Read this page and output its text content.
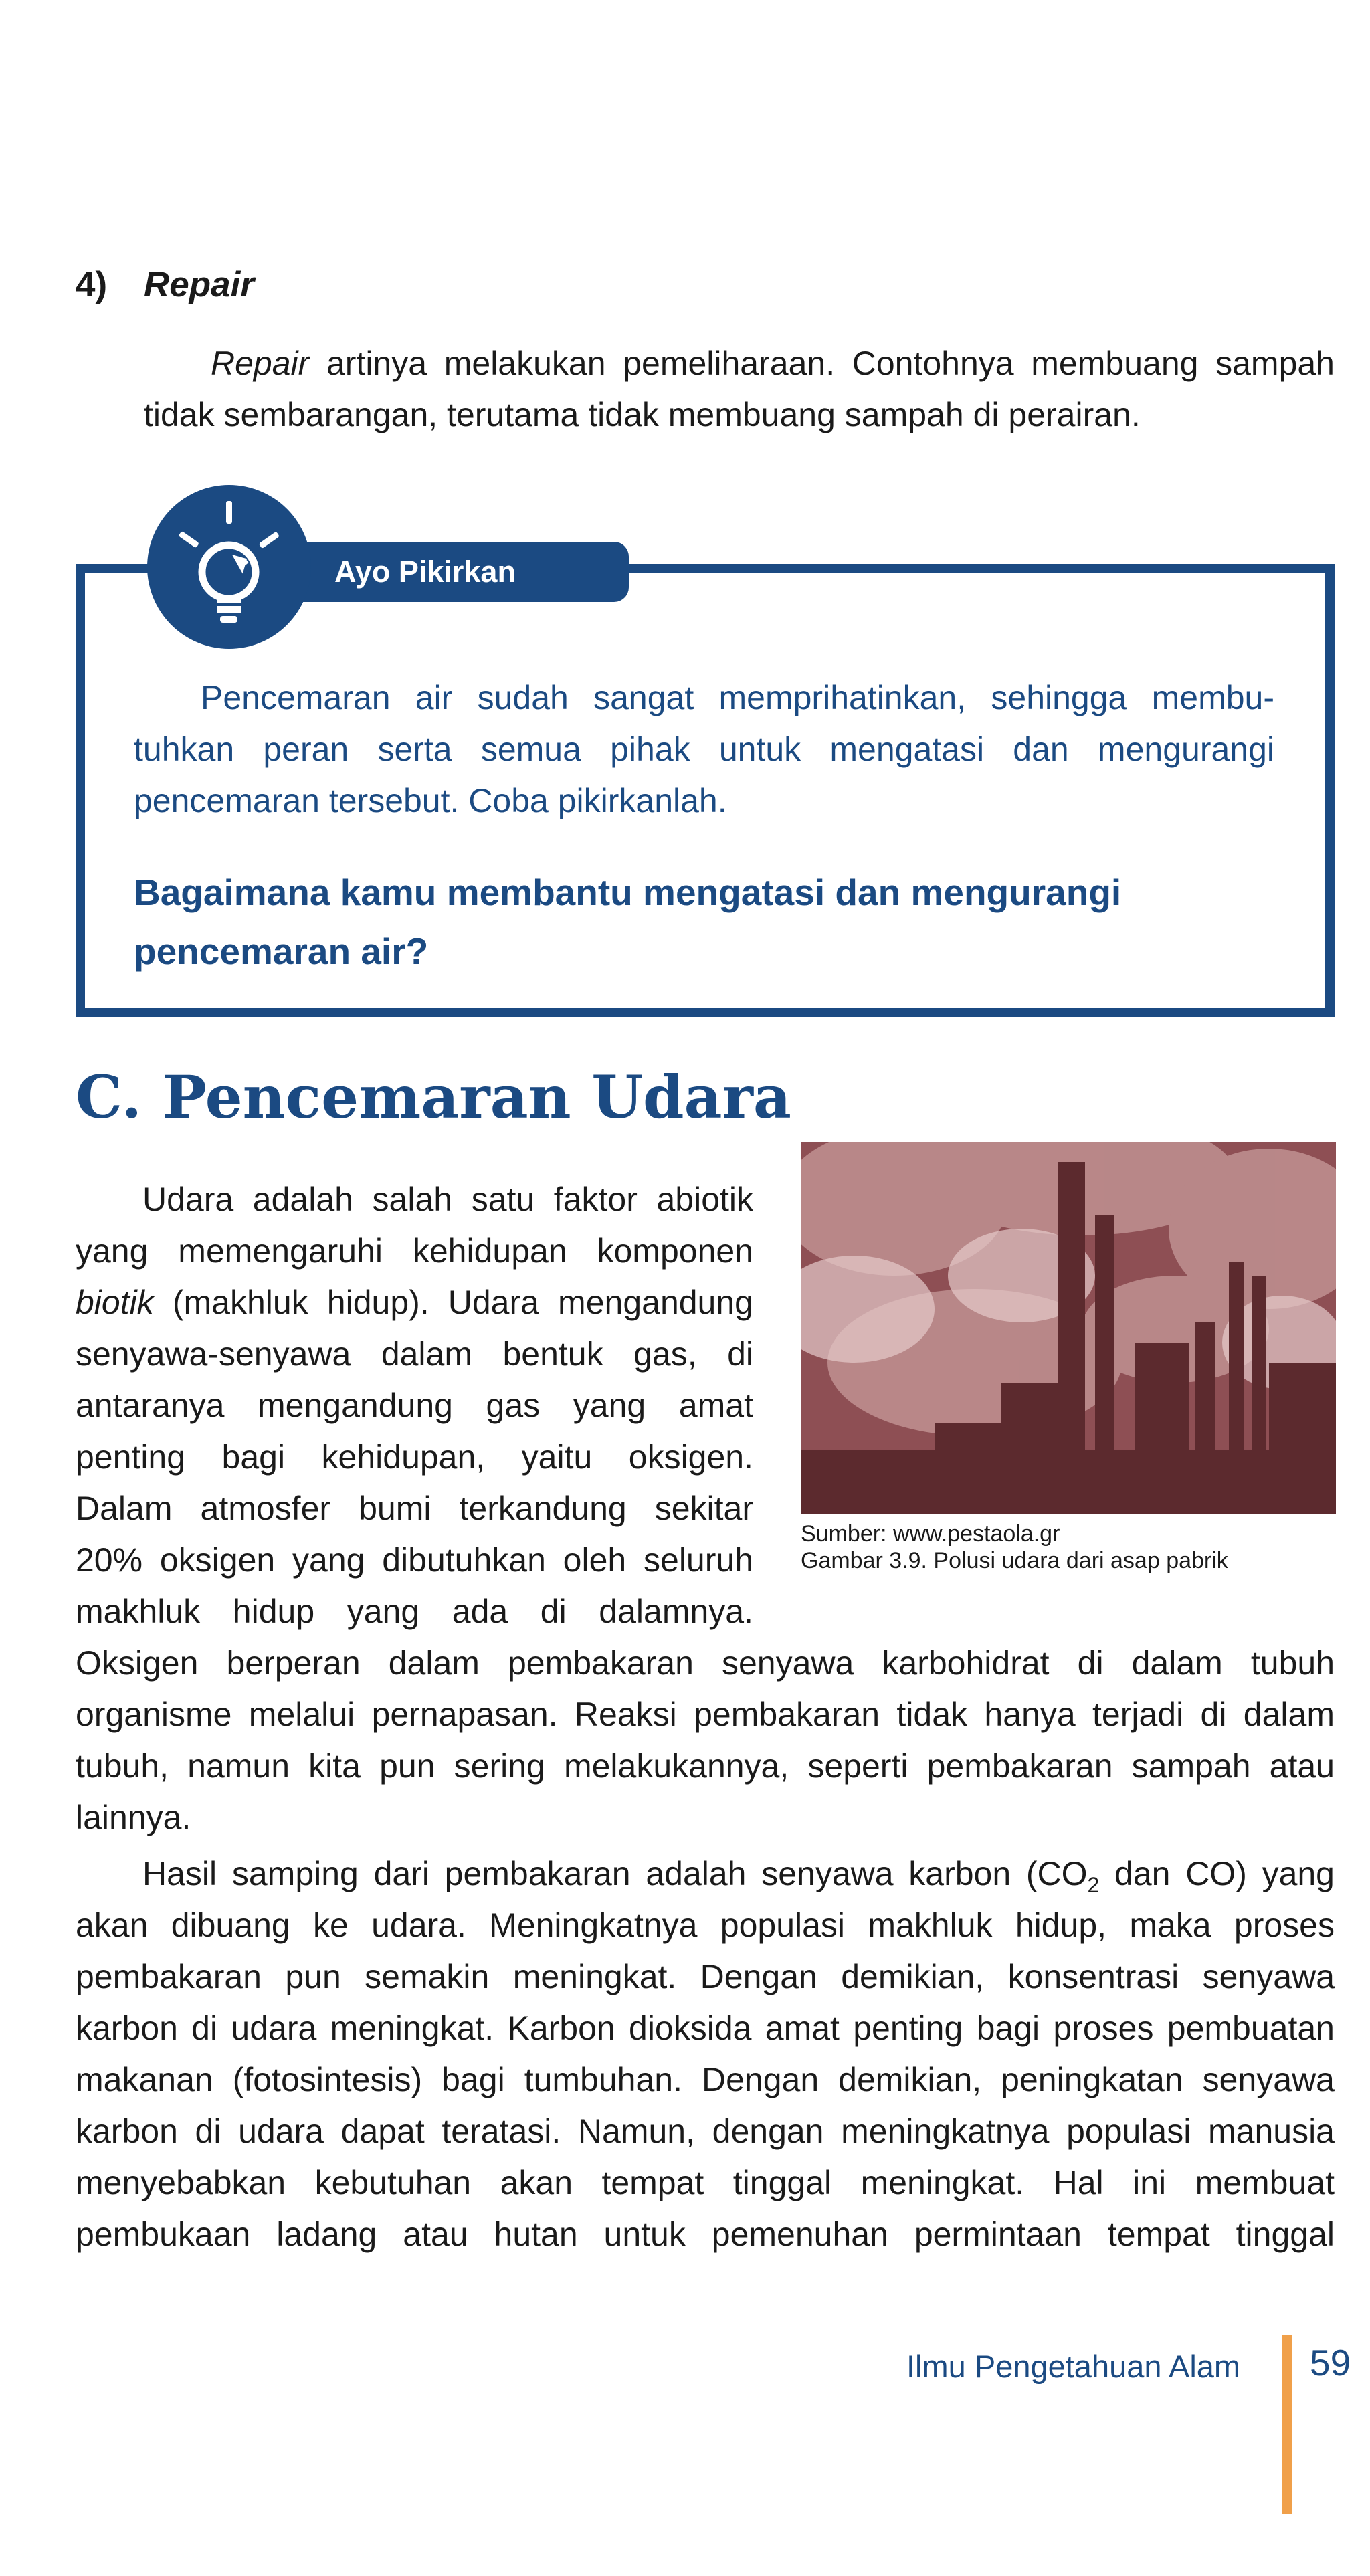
4) Repair
Repair artinya melakukan pemeliharaan. Contohnya membuang sampah
tidak sembarangan, terutama tidak membuang sampah di perairan.
Ayo Pikirkan
Pencemaran air sudah sangat memprihatinkan, sehingga membu-
tuhkan peran serta semua pihak untuk mengatasi dan mengurangi
pencemaran tersebut. Coba pikirkanlah.
Bagaimana kamu membantu mengatasi dan mengurangi
pencemaran air?
C. Pencemaran Udara
Sumber: www.pestaola.gr
Gambar 3.9. Polusi udara dari asap pabrik
Udara adalah salah satu faktor abiotik
yang memengaruhi kehidupan komponen
biotik (makhluk hidup). Udara mengandung
senyawa-senyawa dalam bentuk gas, di
antaranya mengandung gas yang amat
penting bagi kehidupan, yaitu oksigen.
Dalam atmosfer bumi terkandung sekitar
20% oksigen yang dibutuhkan oleh seluruh
makhluk hidup yang ada di dalamnya.
Oksigen berperan dalam pembakaran senyawa karbohidrat di dalam tubuh
organisme melalui pernapasan. Reaksi pembakaran tidak hanya terjadi di dalam
tubuh, namun kita pun sering melakukannya, seperti pembakaran sampah atau
lainnya.
Hasil samping dari pembakaran adalah senyawa karbon ($CO_2$ dan CO) yang
akan dibuang ke udara. Meningkatnya populasi makhluk hidup, maka proses
pembakaran pun semakin meningkat. Dengan demikian, konsentrasi senyawa
karbon di udara meningkat. Karbon dioksida amat penting bagi proses pembuatan
makanan (fotosintesis) bagi tumbuhan. Dengan demikian, peningkatan senyawa
karbon di udara dapat teratasi. Namun, dengan meningkatnya populasi manusia
menyebabkan kebutuhan akan tempat tinggal meningkat. Hal ini membuat
pembukaan ladang atau hutan untuk pemenuhan permintaan tempat tinggal
Ilmu Pengetahuan Alam 59
